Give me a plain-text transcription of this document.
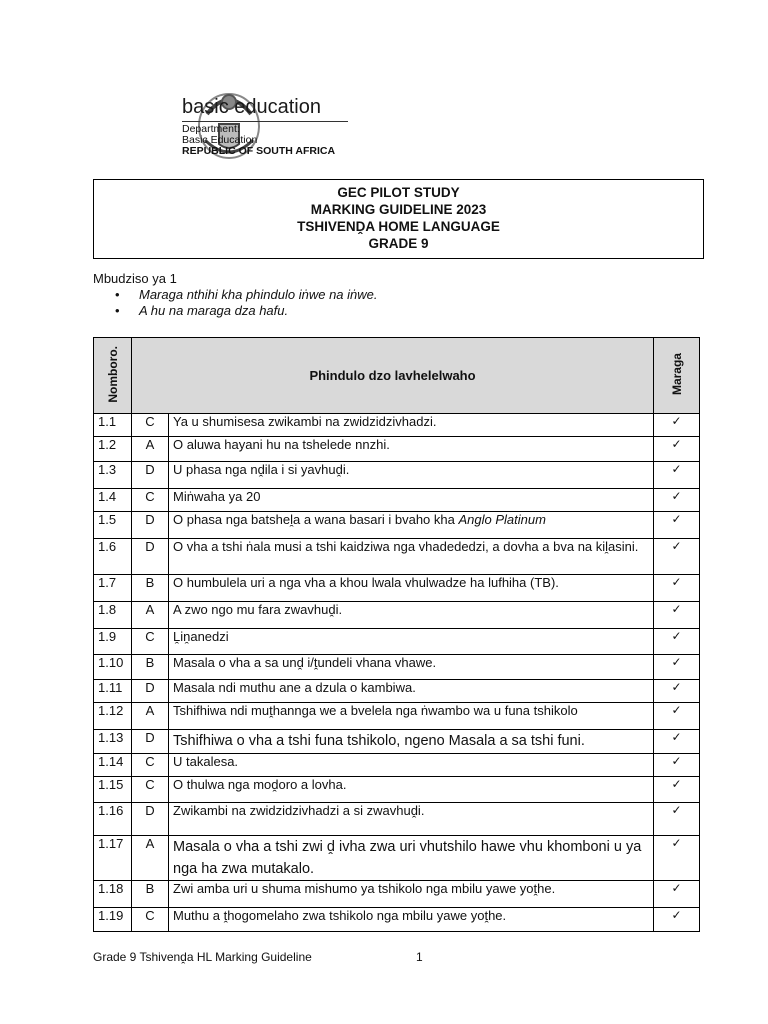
basic education
Department:
Basic Education
REPUBLIC OF SOUTH AFRICA
GEC PILOT STUDY
MARKING GUIDELINE 2023
TSHIVENḒA HOME LANGUAGE
GRADE 9
Mbudziso ya 1
• Maraga nthihi kha phindulo iṅwe na iṅwe.
• A hu na maraga dza hafu.
Nomboro.	Phindulo dzo lavhelelwaho		Maraga
1.1	C	Ya u shumisesa zwikambi na zwidzidzivhadzi.	✓
1.2	A	O aluwa hayani hu na tshelede nnzhi.	✓
1.3	D	U phasa nga nḓila i si yavhuḓi.	✓
1.4	C	Miṅwaha ya 20	✓
1.5	D	O phasa nga batsheḽa a wana basari i bvaho kha Anglo Platinum	✓
1.6	D	O vha a tshi ṅala musi a tshi kaidziwa nga vhadededzi, a dovha a bva na kiḽasini.	✓
1.7	B	O humbulela uri a nga vha a khou lwala vhulwadze ha lufhiha (TB).	✓
1.8	A	A zwo ngo mu fara zwavhuḓi.	✓
1.9	C	Ḽiṋanedzi	✓
1.10	B	Masala o vha a sa unḓ i/ṱundeli vhana vhawe.	✓
1.11	D	Masala ndi muthu ane a dzula o kambiwa.	✓
1.12	A	Tshifhiwa ndi muṱhannga we a bvelela nga ṅwambo wa u funa tshikolo	✓
1.13	D	Tshifhiwa o vha a tshi funa tshikolo, ngeno Masala a sa tshi funi.	✓
1.14	C	U takalesa.	✓
1.15	C	O thulwa nga moḓoro a lovha.	✓
1.16	D	Zwikambi na zwidzidzivhadzi a si zwavhuḓi.	✓
1.17	A	Masala o vha a tshi zwi ḓ ivha zwa uri vhutshilo hawe vhu khomboni u ya nga ha zwa mutakalo.	✓
1.18	B	Zwi amba uri u shuma mishumo ya tshikolo nga mbilu yawe yoṱhe.	✓
1.19	C	Muthu a ṱhogomelaho zwa tshikolo nga mbilu yawe yoṱhe.	✓
Grade 9 Tshivenḓa HL Marking Guideline	1
